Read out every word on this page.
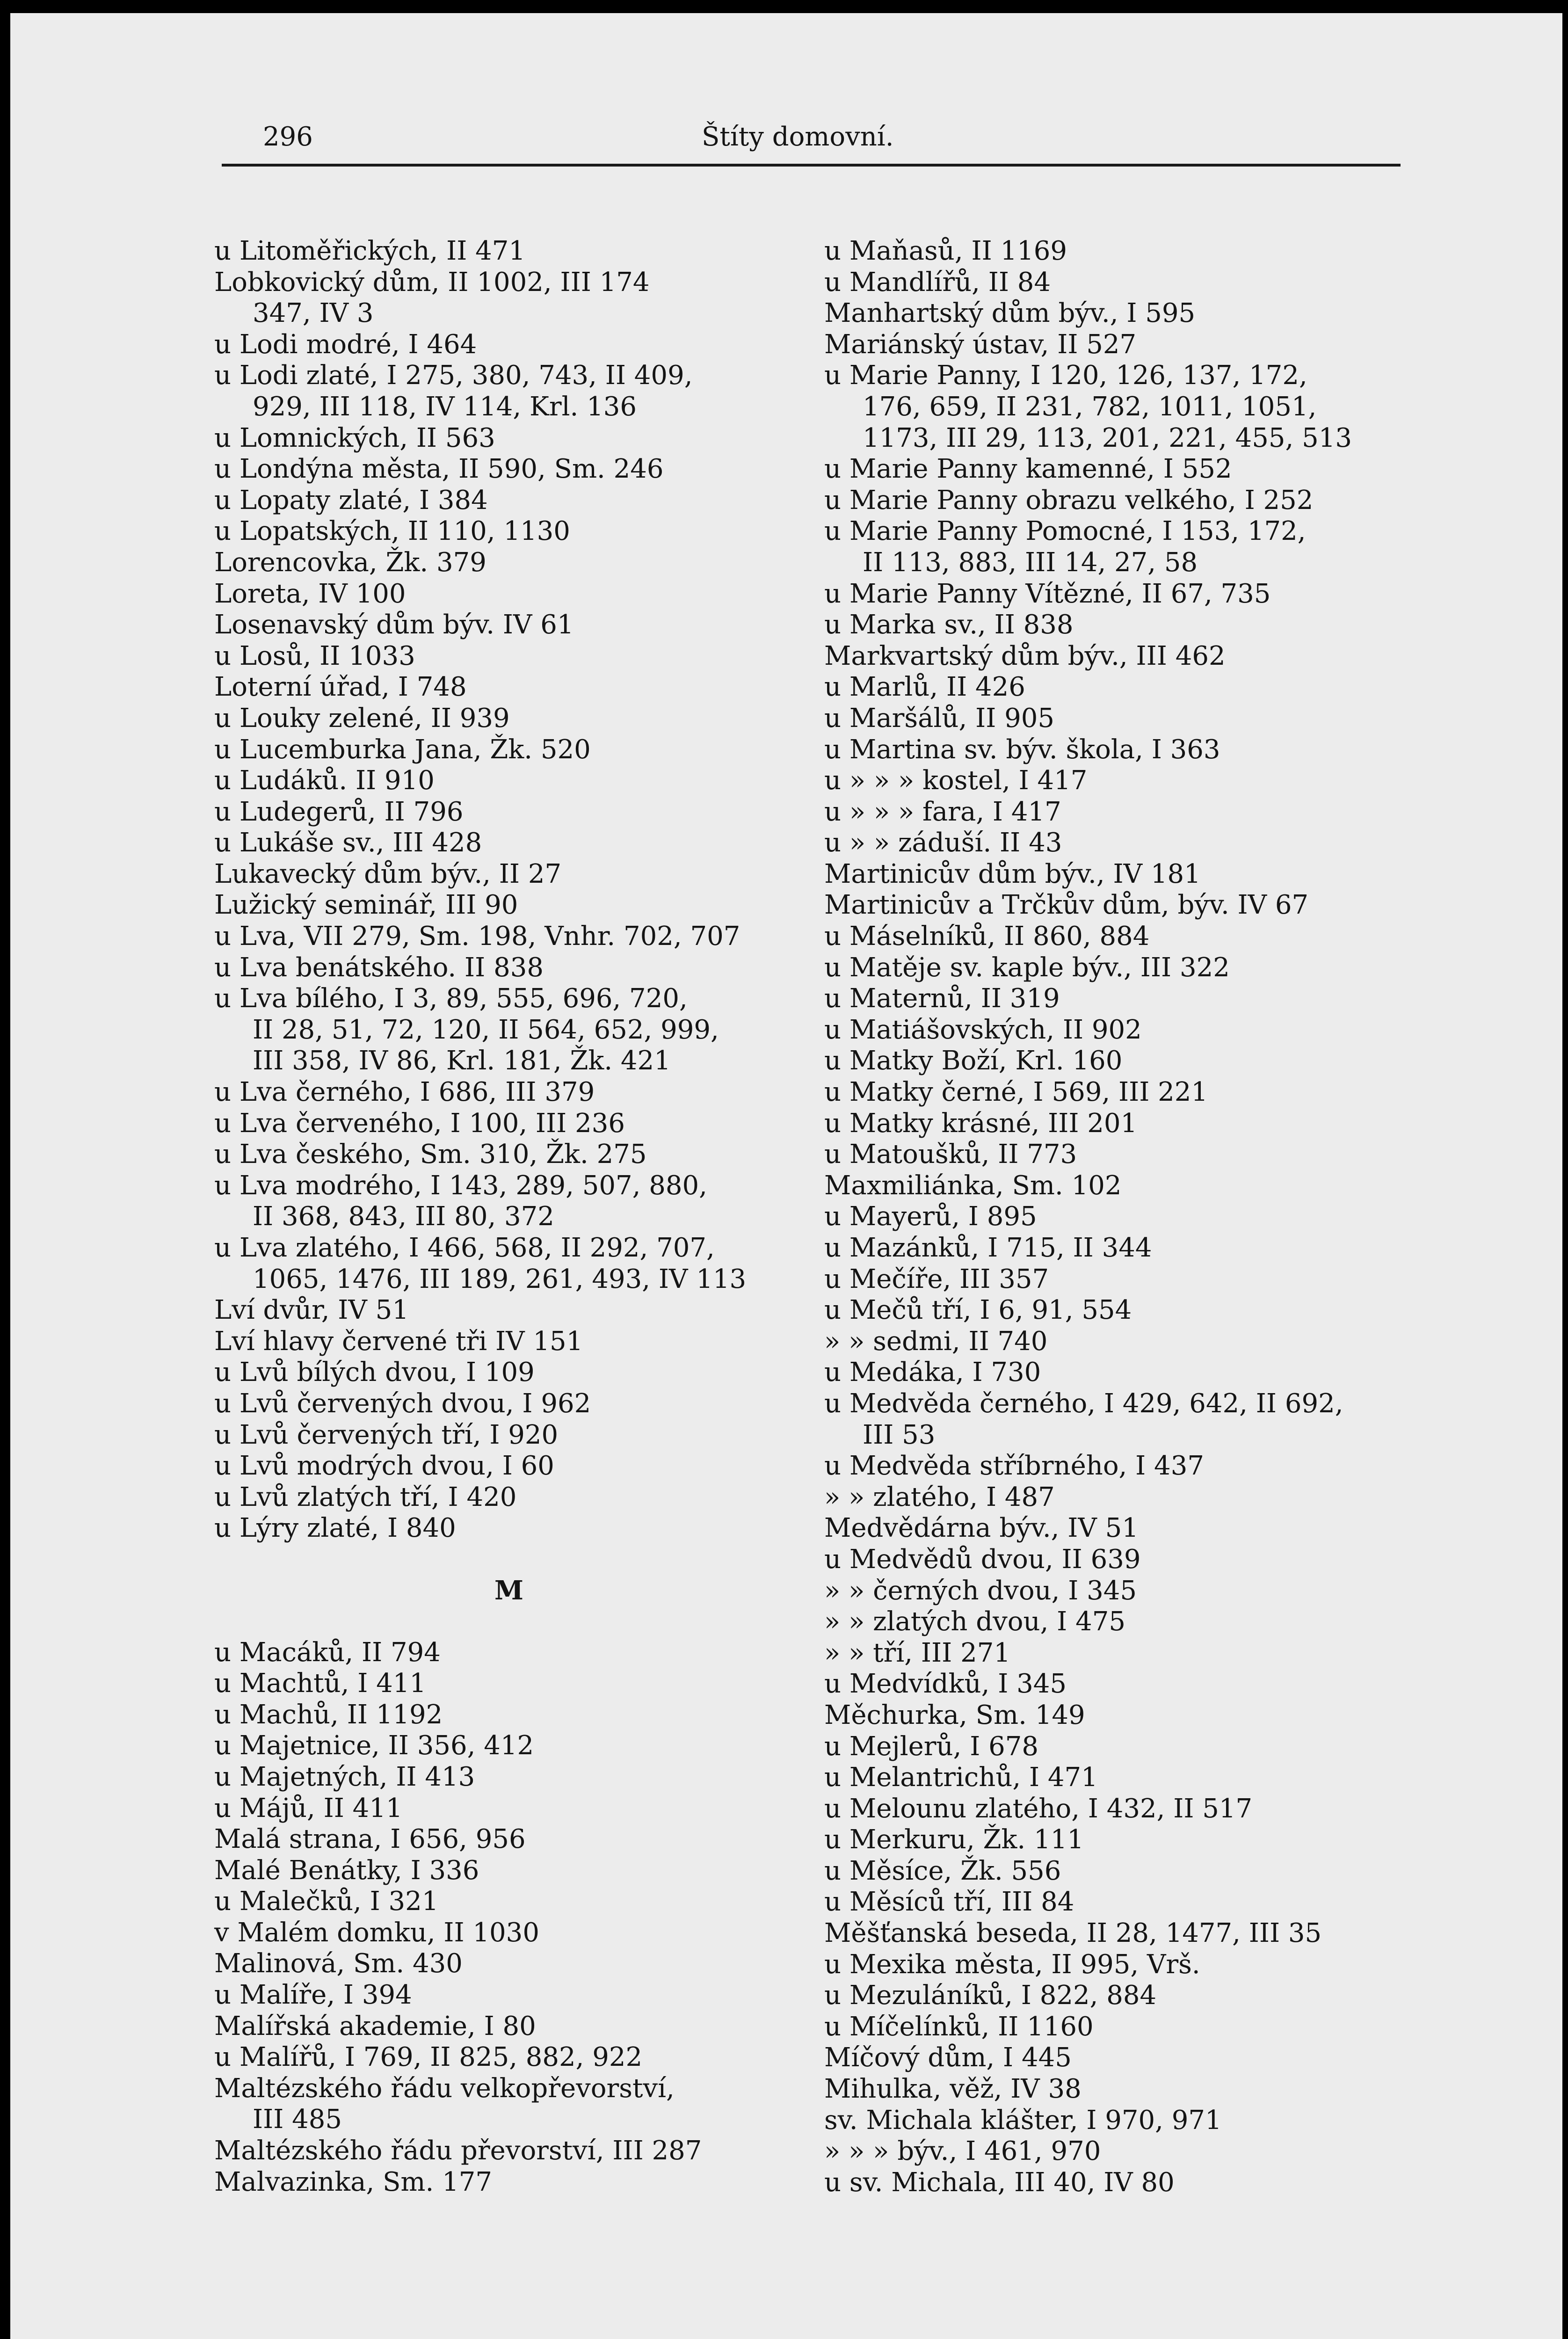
296	Štíty domovní.
u Litoměřických, II 471
Lobkovický dům, II 1002, III 174
347, IV 3
u Lodi modré, I 464
u Lodi zlaté, I 275, 380, 743, II 409,
929, III 118, IV 114, Krl. 136
u Lomnických, II 563
u Londýna města, II 590, Sm. 246
u Lopaty zlaté, I 384
u Lopatských, II 110, 1130
Lorencovka, Žk. 379
Loreta, IV 100
Losenavský dům býv. IV 61
u Losů, II 1033
Loterní úřad, I 748
u Louky zelené, II 939
u Lucemburka Jana, Žk. 520
u Ludáků. II 910
u Ludegerů, II 796
u Lukáše sv., III 428
Lukavecký dům býv., II 27
Lužický seminář, III 90
u Lva, VII 279, Sm. 198, Vnhr. 702, 707
u Lva benátského. II 838
u Lva bílého, I 3, 89, 555, 696, 720,
II 28, 51, 72, 120, II 564, 652, 999,
III 358, IV 86, Krl. 181, Žk. 421
u Lva černého, I 686, III 379
u Lva červeného, I 100, III 236
u Lva českého, Sm. 310, Žk. 275
u Lva modrého, I 143, 289, 507, 880,
II 368, 843, III 80, 372
u Lva zlatého, I 466, 568, II 292, 707,
1065, 1476, III 189, 261, 493, IV 113
Lví dvůr, IV 51
Lví hlavy červené tři IV 151
u Lvů bílých dvou, I 109
u Lvů červených dvou, I 962
u Lvů červených tří, I 920
u Lvů modrých dvou, I 60
u Lvů zlatých tří, I 420
u Lýry zlaté, I 840
M
u Macáků, II 794
u Machtů, I 411
u Machů, II 1192
u Majetnice, II 356, 412
u Majetných, II 413
u Májů, II 411
Malá strana, I 656, 956
Malé Benátky, I 336
u Malečků, I 321
v Malém domku, II 1030
Malinová, Sm. 430
u Malíře, I 394
Malířská akademie, I 80
u Malířů, I 769, II 825, 882, 922
Maltézského řádu velkopřevorství,
III 485
Maltézského řádu převorství, III 287
Malvazinka, Sm. 177
u Maňasů, II 1169
u Mandlířů, II 84
Manhartský dům býv., I 595
Mariánský ústav, II 527
u Marie Panny, I 120, 126, 137, 172,
176, 659, II 231, 782, 1011, 1051,
1173, III 29, 113, 201, 221, 455, 513
u Marie Panny kamenné, I 552
u Marie Panny obrazu velkého, I 252
u Marie Panny Pomocné, I 153, 172,
II 113, 883, III 14, 27, 58
u Marie Panny Vítězné, II 67, 735
u Marka sv., II 838
Markvartský dům býv., III 462
u Marlů, II 426
u Maršálů, II 905
u Martina sv. býv. škola, I 363
u » » » kostel, I 417
u » » » fara, I 417
u » » záduší. II 43
Martinicův dům býv., IV 181
Martinicův a Trčkův dům, býv. IV 67
u Máselníků, II 860, 884
u Matěje sv. kaple býv., III 322
u Maternů, II 319
u Matiášovských, II 902
u Matky Boží, Krl. 160
u Matky černé, I 569, III 221
u Matky krásné, III 201
u Matoušků, II 773
Maxmiliánka, Sm. 102
u Mayerů, I 895
u Mazánků, I 715, II 344
u Mečíře, III 357
u Mečů tří, I 6, 91, 554
» » sedmi, II 740
u Medáka, I 730
u Medvěda černého, I 429, 642, II 692,
III 53
u Medvěda stříbrného, I 437
» » zlatého, I 487
Medvědárna býv., IV 51
u Medvědů dvou, II 639
» » černých dvou, I 345
» » zlatých dvou, I 475
» » tří, III 271
u Medvídků, I 345
Měchurka, Sm. 149
u Mejlerů, I 678
u Melantrichů, I 471
u Melounu zlatého, I 432, II 517
u Merkuru, Žk. 111
u Měsíce, Žk. 556
u Měsíců tří, III 84
Měšťanská beseda, II 28, 1477, III 35
u Mexika města, II 995, Vrš.
u Mezuláníků, I 822, 884
u Míčelínků, II 1160
Míčový dům, I 445
Mihulka, věž, IV 38
sv. Michala klášter, I 970, 971
» » » býv., I 461, 970
u sv. Michala, III 40, IV 80
